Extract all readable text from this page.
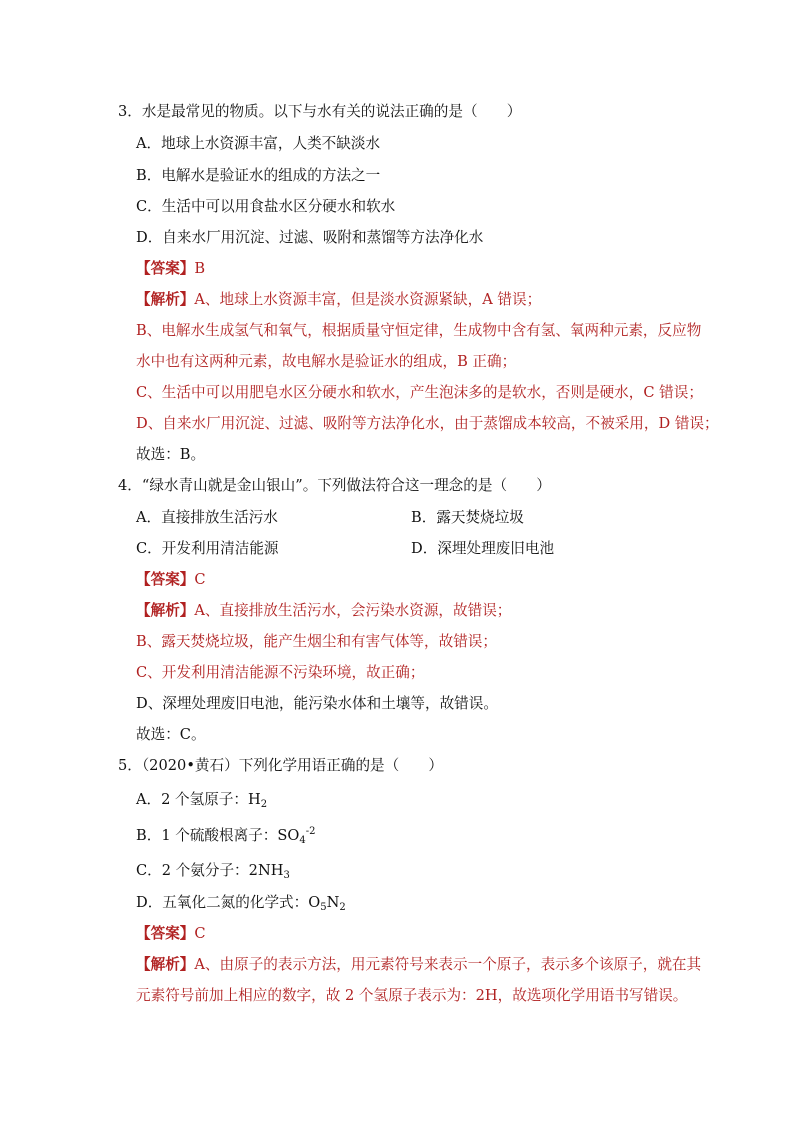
3．水是最常见的物质。以下与水有关的说法正确的是（　　）
A．地球上水资源丰富，人类不缺淡水
B．电解水是验证水的组成的方法之一
C．生活中可以用食盐水区分硬水和软水
D．自来水厂用沉淀、过滤、吸附和蒸馏等方法净化水
【答案】B
【解析】A、地球上水资源丰富，但是淡水资源紧缺，A 错误；
B、电解水生成氢气和氧气，根据质量守恒定律，生成物中含有氢、氧两种元素，反应物
水中也有这两种元素，故电解水是验证水的组成，B 正确；
C、生活中可以用肥皂水区分硬水和软水，产生泡沫多的是软水，否则是硬水，C 错误；
D、自来水厂用沉淀、过滤、吸附等方法净化水，由于蒸馏成本较高，不被采用，D 错误；
故选：B。
4．“绿水青山就是金山银山”。下列做法符合这一理念的是（　　）
A．直接排放生活污水	B．露天焚烧垃圾
C．开发利用清洁能源	D．深埋处理废旧电池
【答案】C
【解析】A、直接排放生活污水，会污染水资源，故错误；
B、露天焚烧垃圾，能产生烟尘和有害气体等，故错误；
C、开发利用清洁能源不污染环境，故正确；
D、深埋处理废旧电池，能污染水体和土壤等，故错误。
故选：C。
5．（2020•黄石）下列化学用语正确的是（　　）
A．2 个氢原子：$H_2$
B．1 个硫酸根离子：$SO_4^{-2}$
C．2 个氨分子：$2NH_3$
D．五氧化二氮的化学式：$O_5N_2$
【答案】C
【解析】A、由原子的表示方法，用元素符号来表示一个原子，表示多个该原子，就在其
元素符号前加上相应的数字，故 2 个氢原子表示为：2H，故选项化学用语书写错误。
